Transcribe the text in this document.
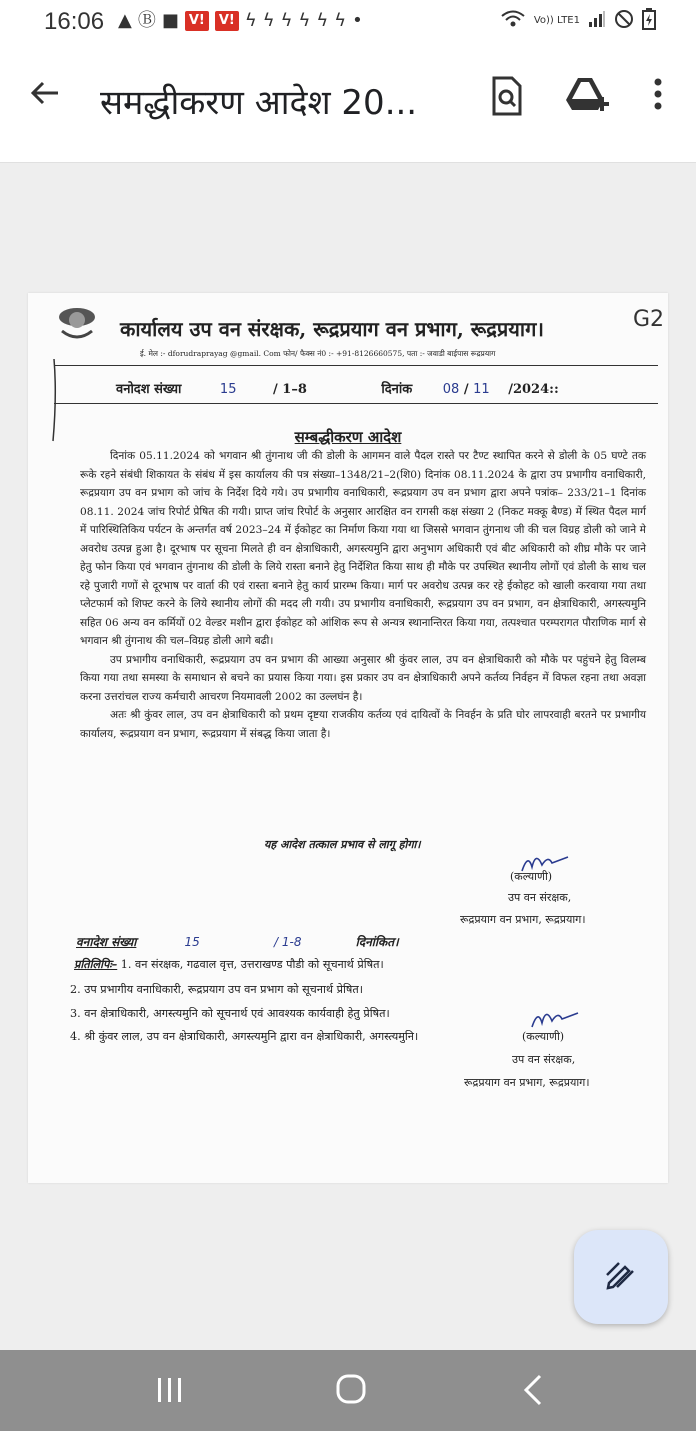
16:06 ▲ Ⓑ ■ V!	V! ϟ ϟ ϟ ϟ ϟ ϟ •	Vo)) LTE1
समद्धीकरण आदेश 20...
कार्यालय उप वन संरक्षक, रूद्रप्रयाग वन प्रभाग, रूद्रप्रयाग।	G2
ई. मेल :- dforudraprayag @gmail. Com फोन/ फैक्स नं0 :- +91-8126660575, पता :- जवाडी बाईपास रूद्रप्रयाग
वनोदश संख्या	15	/ 1–8	दिनांक 08 / 11 /2024::
सम्बद्धीकरण आदेश

दिनांक 05.11.2024 को भगवान श्री तुंगनाथ जी की डोली के आगमन वाले पैदल रास्ते पर टैण्ट स्थापित करने से डोली के 05 घण्टे तक रूके रहने संबंधी शिकायत के संबंध में इस कार्यालय की पत्र संख्या–1348/21–2(शि0) दिनांक 08.11.2024 के द्वारा उप प्रभागीय वनाधिकारी, रूद्रप्रयाग उप वन प्रभाग को जांच के निर्देश दिये गये। उप प्रभागीय वनाधिकारी, रूद्रप्रयाग उप वन प्रभाग द्वारा अपने पत्रांक– 233/21–1 दिनांक 08.11. 2024 जांच रिपोर्ट प्रेषित की गयी। प्राप्त जांच रिपोर्ट के अनुसार आरक्षित वन रागसी कक्ष संख्या 2 (निकट मक्कू बैण्ड) में स्थित पैदल मार्ग में पारिस्थितिकिय पर्यटन के अन्तर्गत वर्ष 2023–24 में ईकोहट का निर्माण किया गया था जिससे भगवान तुंगनाथ जी की चल विग्रह डोली को जाने मे अवरोध उत्पन्न हुआ है। दूरभाष पर सूचना मिलते ही वन क्षेत्राधिकारी, अगस्त्यमुनि द्वारा अनुभाग अधिकारी एवं बीट अधिकारी को शीघ्र मौके पर जाने हेतु फोन किया एवं भगवान तुंगनाथ की डोली के लिये रास्ता बनाने हेतु निर्देशित किया साथ ही मौके पर उपस्थित स्थानीय लोगों एवं डोली के साथ चल रहे पुजारी गणों से दूरभाष पर वार्ता की एवं रास्ता बनाने हेतु कार्य प्रारम्भ किया। मार्ग पर अवरोध उत्पन्न कर रहे ईकोहट को खाली करवाया गया तथा प्लेटफार्म को शिफ्ट करने के लिये स्थानीय लोगों की मदद ली गयी। उप प्रभागीय वनाधिकारी, रूद्रप्रयाग उप वन प्रभाग, वन क्षेत्राधिकारी, अगस्त्यमुनि सहित 06 अन्य वन कर्मियों 02 वेल्डर मशीन द्वारा ईकोहट को आंशिक रूप से अन्यत्र स्थानान्तिरत किया गया, तत्पश्चात परम्परागत पौराणिक मार्ग से भगवान श्री तुंगनाथ की चल–विग्रह डोली आगे बढी।

उप प्रभागीय वनाधिकारी, रूद्रप्रयाग उप वन प्रभाग की आख्या अनुसार श्री कुंवर लाल, उप वन क्षेत्राधिकारी को मौके पर पहुंचने हेतु विलम्ब किया गया तथा समस्या के समाधान से बचने का प्रयास किया गया। इस प्रकार उप वन क्षेत्राधिकारी अपने कर्तव्य निर्वहन में विफल रहना तथा अवज्ञा करना उत्तरांचल राज्य कर्मचारी आचरण नियमावली 2002 का उल्लघंन है।

अतः श्री कुंवर लाल, उप वन क्षेत्राधिकारी को प्रथम दृष्टया राजकीय कर्तव्य एवं दायित्वों के निवर्हन के प्रति घोर लापरवाही बरतने पर प्रभागीय कार्यालय, रूद्रप्रयाग वन प्रभाग, रूद्रप्रयाग में संबद्ध किया जाता है।

यह आदेश तत्काल प्रभाव से लागू होगा।
(कल्याणी)
उप वन संरक्षक,
रूद्रप्रयाग वन प्रभाग, रूद्रप्रयाग।
वनादेश संख्या	15	/ 1-8	दिनांकित।
प्रतिलिपिः– 1. वन संरक्षक, गढवाल वृत्त, उत्तराखण्ड पौडी को सूचनार्थ प्रेषित।
2. उप प्रभागीय वनाधिकारी, रूद्रप्रयाग उप वन प्रभाग को सूचनार्थ प्रेषित।
3. वन क्षेत्राधिकारी, अगस्त्यमुनि को सूचनार्थ एवं आवश्यक कार्यवाही हेतु प्रेषित।
4. श्री कुंवर लाल, उप वन क्षेत्राधिकारी, अगस्त्यमुनि द्वारा वन क्षेत्राधिकारी, अगस्त्यमुनि।	(कल्याणी)
उप वन संरक्षक,
रूद्रप्रयाग वन प्रभाग, रूद्रप्रयाग।
